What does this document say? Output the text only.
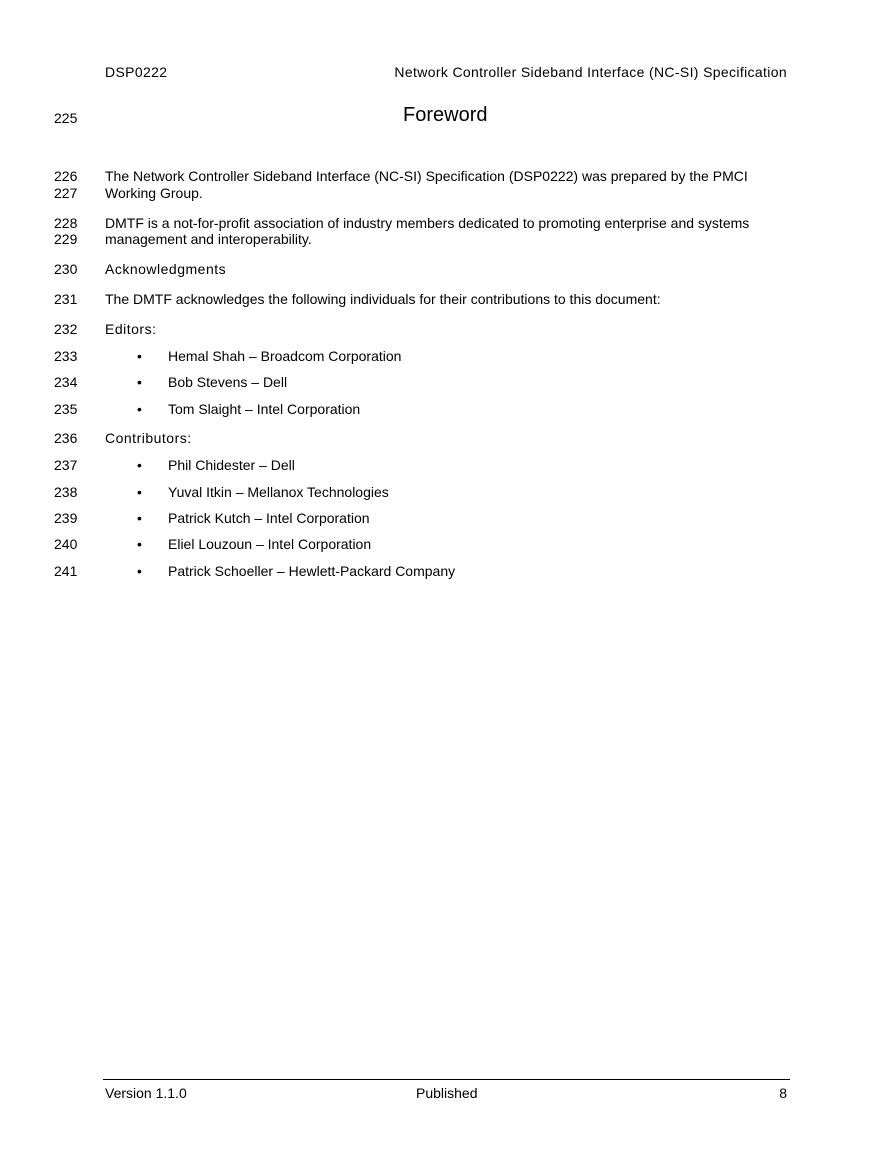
DSP0222	Network Controller Sideband Interface (NC-SI) Specification
225	Foreword
226
227
The Network Controller Sideband Interface (NC-SI) Specification (DSP0222) was prepared by the PMCI
Working Group.
228
229
DMTF is a not-for-profit association of industry members dedicated to promoting enterprise and systems
management and interoperability.
230 Acknowledgments
231 The DMTF acknowledges the following individuals for their contributions to this document:
232 Editors:
233	• Hemal Shah – Broadcom Corporation
234	• Bob Stevens – Dell
235	• Tom Slaight – Intel Corporation
236 Contributors:
237	• Phil Chidester – Dell
238	• Yuval Itkin – Mellanox Technologies
239	• Patrick Kutch – Intel Corporation
240	• Eliel Louzoun – Intel Corporation
241	• Patrick Schoeller – Hewlett-Packard Company
Version 1.1.0	Published	8
